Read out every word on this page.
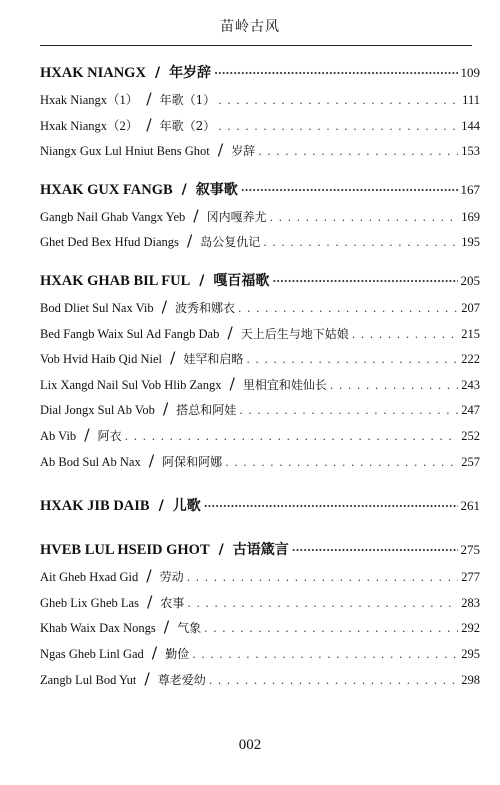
苗岭古风
HXAK NIANGX / 年岁辞 ·····	109
Hxak Niangx（1） / 年歌（1） . . .	111
Hxak Niangx（2） / 年歌（2） . . .	144
Niangx Gux Lul Hniut Bens Ghot / 岁辞 . . .	153
HXAK GUX FANGB / 叙事歌 ·····	167
Gangb Nail Ghab Vangx Yeb / 冈内嘎养尤 . . .	169
Ghet Ded Bex Hfud Diangs / 岛公复仇记 . . .	195
HXAK GHAB BIL FUL / 嘎百福歌 ·····	205
Bod Dliet Sul Nax Vib / 波秀和娜衣 . . .	207
Bed Fangb Waix Sul Ad Fangb Dab / 天上后生与地下姑娘 . . .	215
Vob Hvid Haib Qid Niel / 娃罕和启略 . . .	222
Lix Xangd Nail Sul Vob Hlib Zangx / 里相宜和娃仙长 . . .	243
Dial Jongx Sul Ab Vob / 搭总和阿娃 . . .	247
Ab Vib / 阿衣 . . .	252
Ab Bod Sul Ab Nax / 阿保和阿娜 . . .	257
HXAK JIB DAIB / 儿歌 ·····	261
HVEB LUL HSEID GHOT / 古语箴言 ·····	275
Ait Gheb Hxad Gid / 劳动 . . .	277
Gheb Lix Gheb Las / 农事 . . .	283
Khab Waix Dax Nongs / 气象 . . .	292
Ngas Gheb Linl Gad / 勤俭 . . .	295
Zangb Lul Bod Yut / 尊老爱幼 . . .	298
002
